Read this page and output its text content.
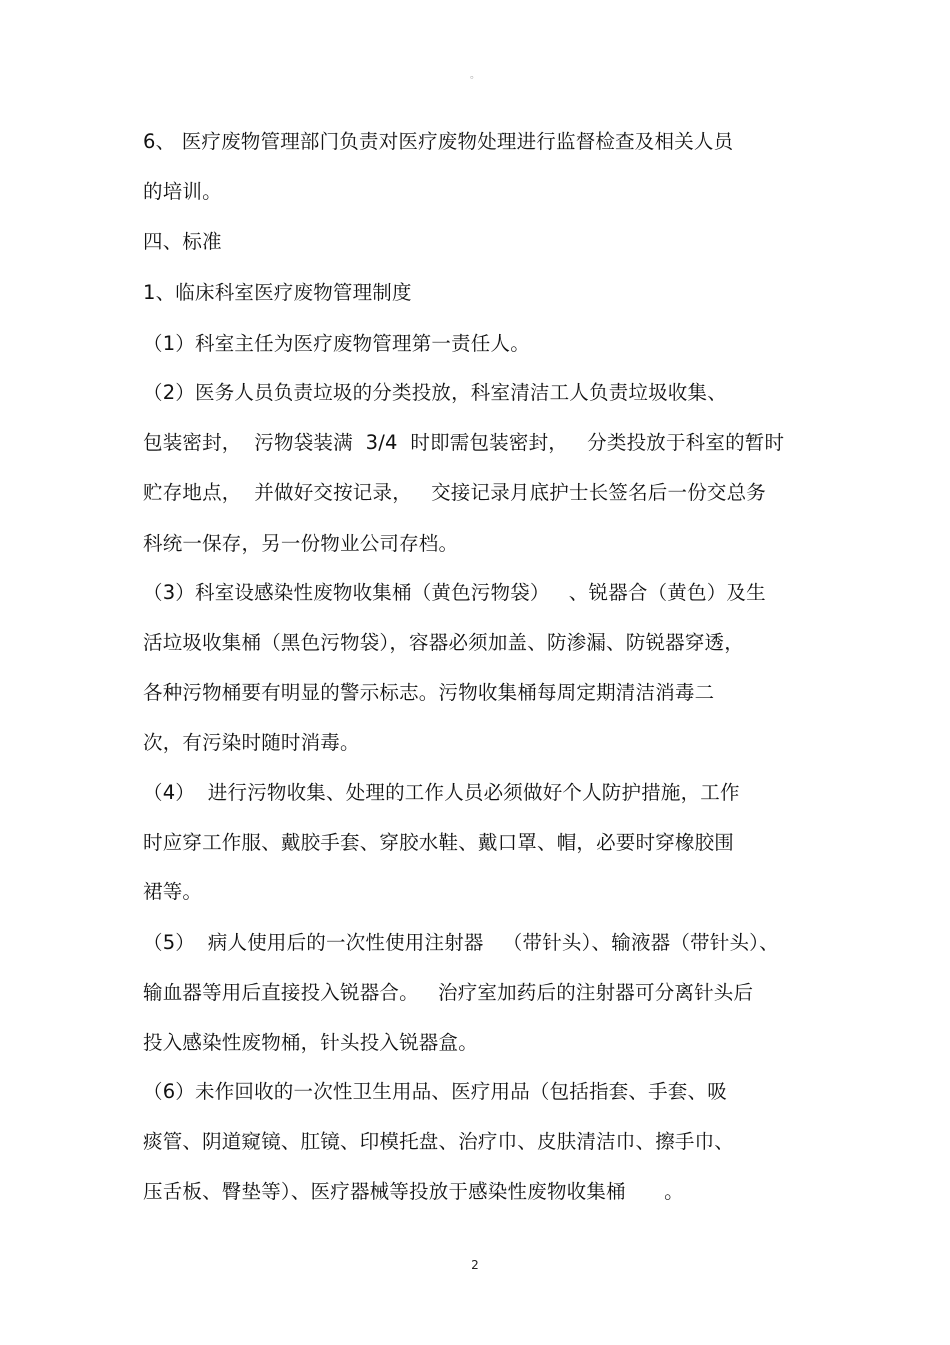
。
6、 医疗废物管理部门负责对医疗废物处理进行监督检查及相关人员
的培训。
四、标准
1、临床科室医疗废物管理制度
（1）科室主任为医疗废物管理第一责任人。
（2）医务人员负责垃圾的分类投放，科室清洁工人负责垃圾收集、
包装密封，  污物袋装满  3/4  时即需包装密封，   分类投放于科室的暂时
贮存地点，  并做好交按记录，   交接记录月底护士长签名后一份交总务
科统一保存，另一份物业公司存档。
（3）科室设感染性废物收集桶（黄色污物袋）   、锐器合（黄色）及生
活垃圾收集桶（黑色污物袋），容器必须加盖、防渗漏、防锐器穿透，
各种污物桶要有明显的警示标志。污物收集桶每周定期清洁消毒二
次，有污染时随时消毒。
（4）  进行污物收集、处理的工作人员必须做好个人防护措施，工作
时应穿工作服、戴胶手套、穿胶水鞋、戴口罩、帽，必要时穿橡胶围
裙等。
（5）  病人使用后的一次性使用注射器   （带针头）、输液器（带针头）、
输血器等用后直接投入锐器合。   治疗室加药后的注射器可分离针头后
投入感染性废物桶，针头投入锐器盒。
（6）未作回收的一次性卫生用品、医疗用品（包括指套、手套、吸
痰管、阴道窥镜、肛镜、印模托盘、治疗巾、皮肤清洁巾、擦手巾、
压舌板、臀垫等）、医疗器械等投放于感染性废物收集桶      。
2
